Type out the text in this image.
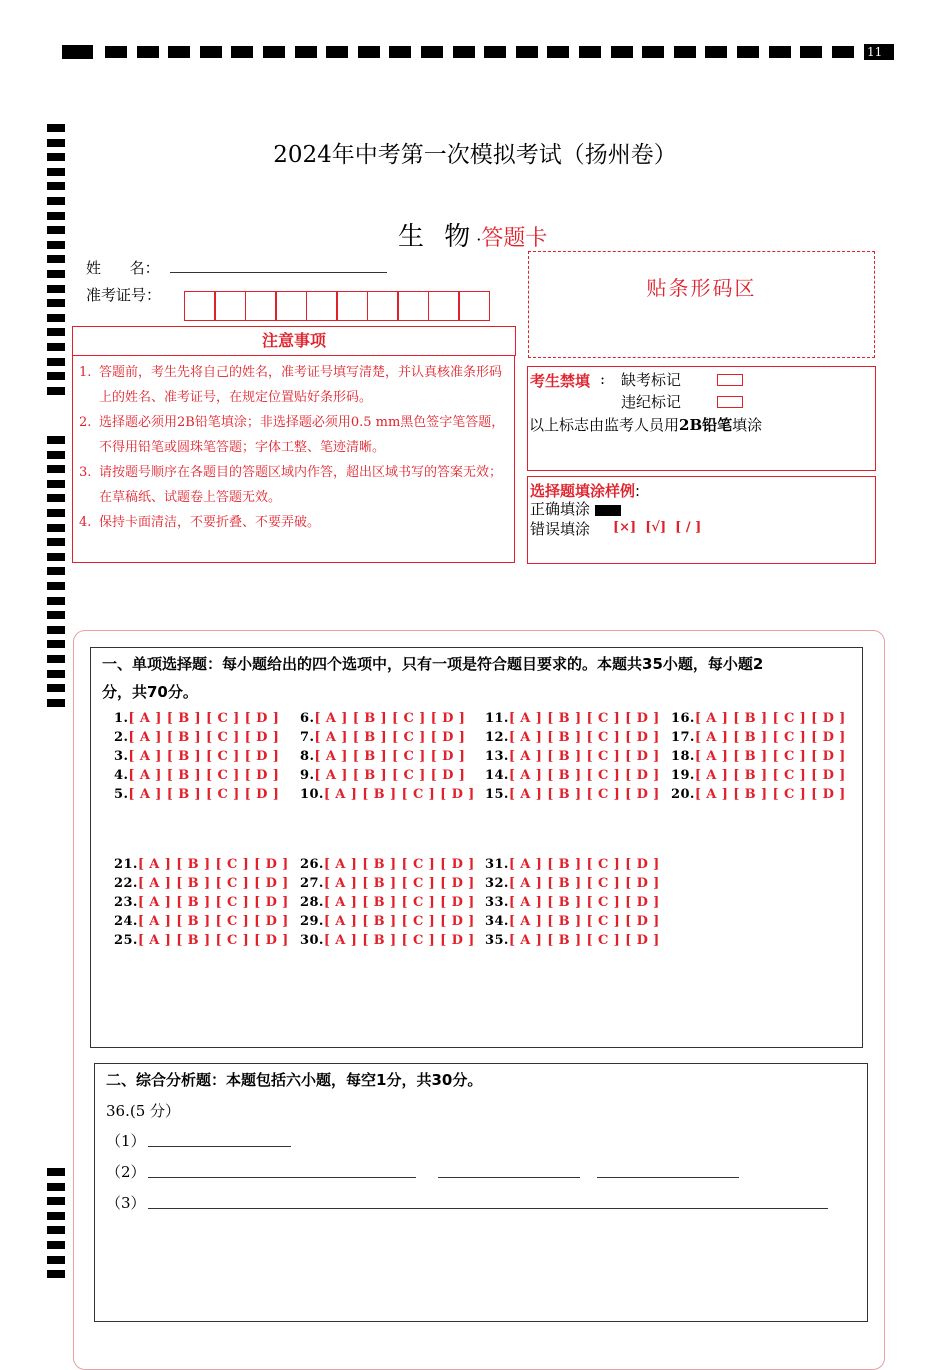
11
2024年中考第一次模拟考试（扬州卷）
生 物·答题卡
姓      名：
准考证号：
注意事项
1. 答题前，考生先将自己的姓名，准考证号填写清楚，并认真核准条形码上的姓名、准考证号，在规定位置贴好条形码。
2. 选择题必须用2B铅笔填涂；非选择题必须用0.5 mm黑色签字笔答题，不得用铅笔或圆珠笔答题；字体工整、笔迹清晰。
3. 请按题号顺序在各题目的答题区域内作答，超出区域书写的答案无效；在草稿纸、试题卷上答题无效。
4. 保持卡面清洁，不要折叠、不要弄破。
贴条形码区
考生禁填 : 缺考标记
违纪标记
以上标志由监考人员用2B铅笔填涂
选择题填涂样例:
正确填涂
错误填涂 [×]  [√]  [ / ]
一、单项选择题：每小题给出的四个选项中，只有一项是符合题目要求的。本题共35小题，每小题2
分，共70分。
1.[ A ] [ B ] [ C ] [ D ]
2.[ A ] [ B ] [ C ] [ D ]
3.[ A ] [ B ] [ C ] [ D ]
4.[ A ] [ B ] [ C ] [ D ]
5.[ A ] [ B ] [ C ] [ D ]
6.[ A ] [ B ] [ C ] [ D ]
7.[ A ] [ B ] [ C ] [ D ]
8.[ A ] [ B ] [ C ] [ D ]
9.[ A ] [ B ] [ C ] [ D ]
10.[ A ] [ B ] [ C ] [ D ]
11.[ A ] [ B ] [ C ] [ D ]
12.[ A ] [ B ] [ C ] [ D ]
13.[ A ] [ B ] [ C ] [ D ]
14.[ A ] [ B ] [ C ] [ D ]
15.[ A ] [ B ] [ C ] [ D ]
16.[ A ] [ B ] [ C ] [ D ]
17.[ A ] [ B ] [ C ] [ D ]
18.[ A ] [ B ] [ C ] [ D ]
19.[ A ] [ B ] [ C ] [ D ]
20.[ A ] [ B ] [ C ] [ D ]
21.[ A ] [ B ] [ C ] [ D ]
22.[ A ] [ B ] [ C ] [ D ]
23.[ A ] [ B ] [ C ] [ D ]
24.[ A ] [ B ] [ C ] [ D ]
25.[ A ] [ B ] [ C ] [ D ]
26.[ A ] [ B ] [ C ] [ D ]
27.[ A ] [ B ] [ C ] [ D ]
28.[ A ] [ B ] [ C ] [ D ]
29.[ A ] [ B ] [ C ] [ D ]
30.[ A ] [ B ] [ C ] [ D ]
31.[ A ] [ B ] [ C ] [ D ]
32.[ A ] [ B ] [ C ] [ D ]
33.[ A ] [ B ] [ C ] [ D ]
34.[ A ] [ B ] [ C ] [ D ]
35.[ A ] [ B ] [ C ] [ D ]
二、综合分析题：本题包括六小题，每空1分，共30分。
36.(5 分）
（1）
（2）
（3）
